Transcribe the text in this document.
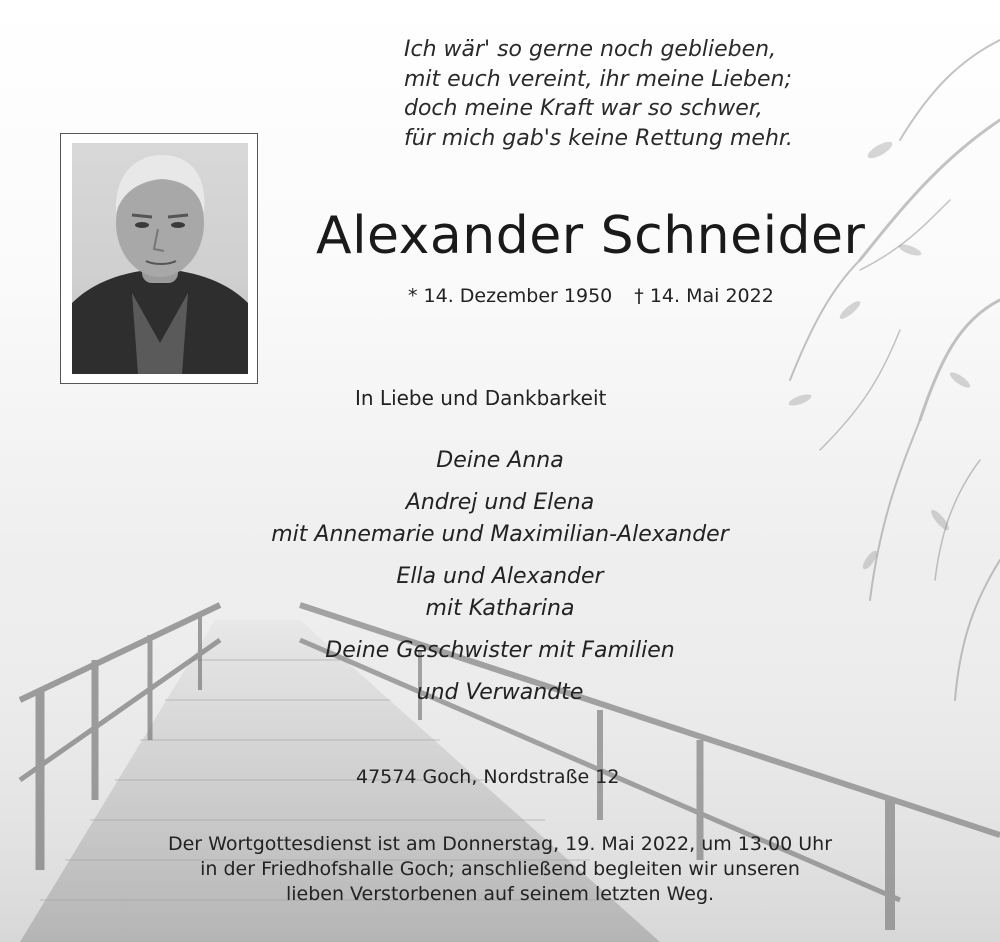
Ich wär' so gerne noch geblieben,
mit euch vereint, ihr meine Lieben;
doch meine Kraft war so schwer,
für mich gab's keine Rettung mehr.
Alexander Schneider
* 14. Dezember 1950 † 14. Mai 2022
In Liebe und Dankbarkeit
Deine Anna
Andrej und Elena
mit Annemarie und Maximilian-Alexander
Ella und Alexander
mit Katharina
Deine Geschwister mit Familien
und Verwandte
47574 Goch, Nordstraße 12
Der Wortgottesdienst ist am Donnerstag, 19. Mai 2022, um 13.00 Uhr
in der Friedhofshalle Goch; anschließend begleiten wir unseren
lieben Verstorbenen auf seinem letzten Weg.
